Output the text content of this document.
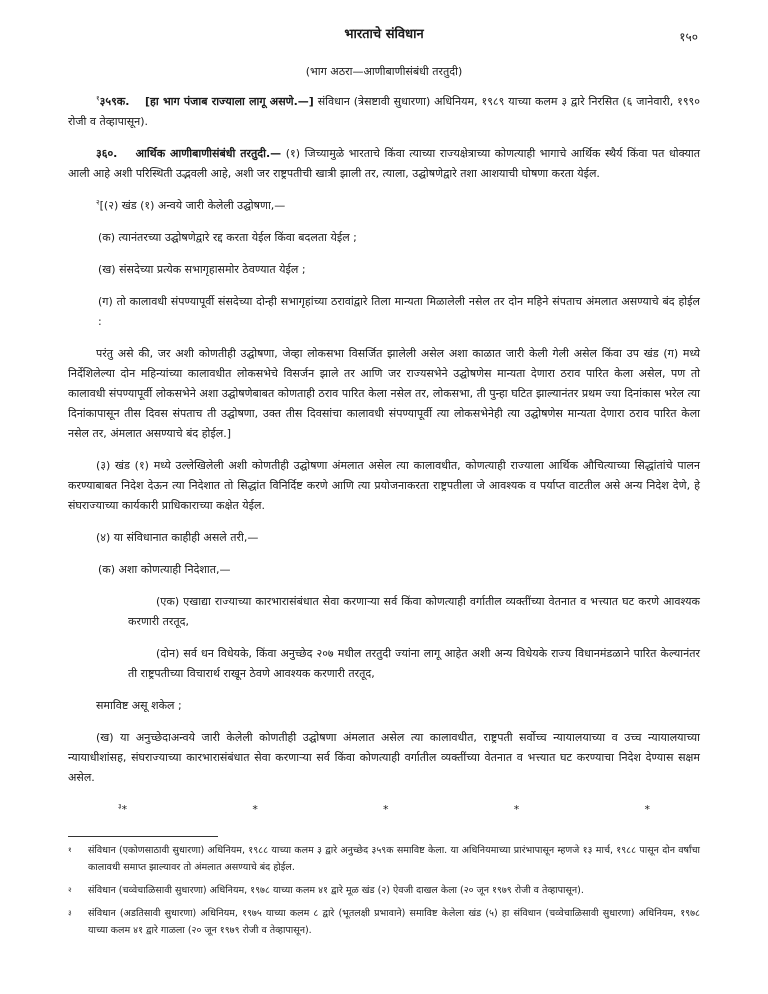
भारताचे संविधान	१५०
(भाग अठरा—आणीबाणीसंबंधी तरतुदी)

$^१$३५९क. [हा भाग पंजाब राज्याला लागू असणे.—] संविधान (त्रेसष्टावी सुधारणा) अधिनियम, १९८९ याच्या कलम ३ द्वारे निरसित (६ जानेवारी, १९९० रोजी व तेव्हापासून).

३६०. आर्थिक आणीबाणीसंबंधी तरतुदी.— (१) जिच्यामुळे भारताचे किंवा त्याच्या राज्यक्षेत्राच्या कोणत्याही भागाचे आर्थिक स्थैर्य किंवा पत धोक्यात आली आहे अशी परिस्थिती उद्भवली आहे, अशी जर राष्ट्रपतीची खात्री झाली तर, त्याला, उद्घोषणेद्वारे तशा आशयाची घोषणा करता येईल.

$^२$[(२) खंड (१) अन्वये जारी केलेली उद्घोषणा,—

(क) त्यानंतरच्या उद्घोषणेद्वारे रद्द करता येईल किंवा बदलता येईल ;

(ख) संसदेच्या प्रत्येक सभागृहासमोर ठेवण्यात येईल ;

(ग) तो कालावधी संपण्यापूर्वी संसदेच्या दोन्ही सभागृहांच्या ठरावांद्वारे तिला मान्यता मिळालेली नसेल तर दोन महिने संपताच अंमलात असण्याचे बंद होईल :

परंतु असे की, जर अशी कोणतीही उद्घोषणा, जेव्हा लोकसभा विसर्जित झालेली असेल अशा काळात जारी केली गेली असेल किंवा उप खंड (ग) मध्ये निर्देशिलेल्या दोन महिन्यांच्या कालावधीत लोकसभेचे विसर्जन झाले तर आणि जर राज्यसभेने उद्घोषणेस मान्यता देणारा ठराव पारित केला असेल, पण तो कालावधी संपण्यापूर्वी लोकसभेने अशा उद्घोषणेबाबत कोणताही ठराव पारित केला नसेल तर, लोकसभा, ती पुन्हा घटित झाल्यानंतर प्रथम ज्या दिनांकास भरेल त्या दिनांकापासून तीस दिवस संपताच ती उद्घोषणा, उक्त तीस दिवसांचा कालावधी संपण्यापूर्वी त्या लोकसभेनेही त्या उद्घोषणेस मान्यता देणारा ठराव पारित केला नसेल तर, अंमलात असण्याचे बंद होईल.]

(३) खंड (१) मध्ये उल्लेखिलेली अशी कोणतीही उद्घोषणा अंमलात असेल त्या कालावधीत, कोणत्याही राज्याला आर्थिक औचित्याच्या सिद्धांतांचे पालन करण्याबाबत निदेश देऊन त्या निदेशात तो सिद्धांत विनिर्दिष्ट करणे आणि त्या प्रयोजनाकरता राष्ट्रपतीला जे आवश्यक व पर्याप्त वाटतील असे अन्य निदेश देणे, हे संघराज्याच्या कार्यकारी प्राधिकाराच्या कक्षेत येईल.

(४) या संविधानात काहीही असले तरी,—

(क) अशा कोणत्याही निदेशात,—

(एक) एखाद्या राज्याच्या कारभारासंबंधात सेवा करणाऱ्या सर्व किंवा कोणत्याही वर्गातील व्यक्तींच्या वेतनात व भत्त्यात घट करणे आवश्यक करणारी तरतूद,

(दोन) सर्व धन विधेयके, किंवा अनुच्छेद २०७ मधील तरतुदी ज्यांना लागू आहेत अशी अन्य विधेयके राज्य विधानमंडळाने पारित केल्यानंतर ती राष्ट्रपतीच्या विचारार्थ राखून ठेवणे आवश्यक करणारी तरतूद,

समाविष्ट असू शकेल ;

(ख) या अनुच्छेदाअन्वये जारी केलेली कोणतीही उद्घोषणा अंमलात असेल त्या कालावधीत, राष्ट्रपती सर्वोच्च न्यायालयाच्या व उच्च न्यायालयाच्या न्यायाधीशांसह, संघराज्याच्या कारभारासंबंधात सेवा करणाऱ्या सर्व किंवा कोणत्याही वर्गातील व्यक्तींच्या वेतनात व भत्त्यात घट करण्याचा निदेश देण्यास सक्षम असेल.

$^३$*	*	*	*	*
१	संविधान (एकोणसाठावी सुधारणा) अधिनियम, १९८८ याच्या कलम ३ द्वारे अनुच्छेद ३५९क समाविष्ट केला. या अधिनियमाच्या प्रारंभापासून म्हणजे १३ मार्च, १९८८ पासून दोन वर्षांचा कालावधी समाप्त झाल्यावर तो अंमलात असण्याचे बंद होईल.
२	संविधान (चव्वेचाळिसावी सुधारणा) अधिनियम, १९७८ याच्या कलम ४१ द्वारे मूळ खंड (२) ऐवजी दाखल केला (२० जून १९७९ रोजी व तेव्हापासून).
३	संविधान (अडतिसावी सुधारणा) अधिनियम, १९७५ याच्या कलम ८ द्वारे (भूतलक्षी प्रभावाने) समाविष्ट केलेला खंड (५) हा संविधान (चव्वेचाळिसावी सुधारणा) अधिनियम, १९७८ याच्या कलम ४१ द्वारे गाळला (२० जून १९७९ रोजी व तेव्हापासून).
